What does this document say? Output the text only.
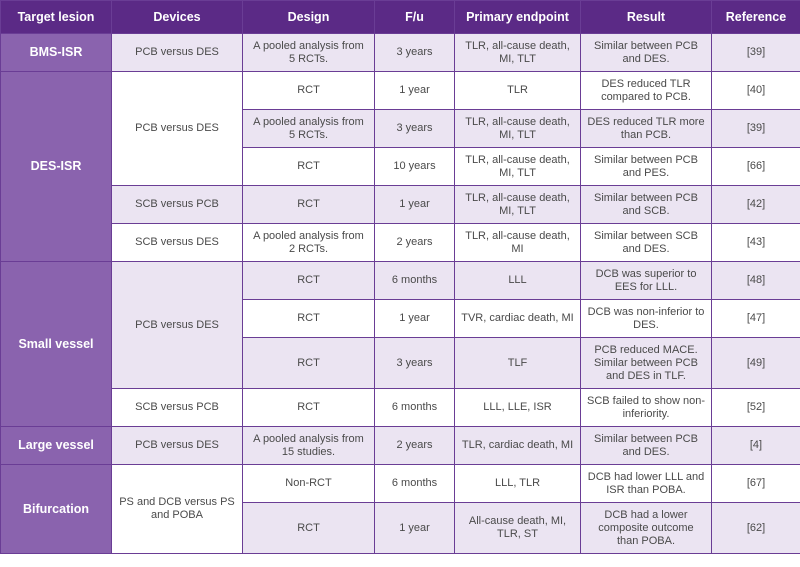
Target lesion	Devices	Design	F/u	Primary endpoint	Result	Reference
BMS-ISR	PCB versus DES	A pooled analysis from 5 RCTs.	3 years	TLR, all-cause death, MI, TLT	Similar between PCB and DES.	[39]
DES-ISR	PCB versus DES	RCT	1 year	TLR	DES reduced TLR compared to PCB.	[40]
		A pooled analysis from 5 RCTs.	3 years	TLR, all-cause death, MI, TLT	DES reduced TLR more than PCB.	[39]
		RCT	10 years	TLR, all-cause death, MI, TLT	Similar between PCB and PES.	[66]
	SCB versus PCB	RCT	1 year	TLR, all-cause death, MI, TLT	Similar between PCB and SCB.	[42]
	SCB versus DES	A pooled analysis from 2 RCTs.	2 years	TLR, all-cause death, MI	Similar between SCB and DES.	[43]
Small vessel	PCB versus DES	RCT	6 months	LLL	DCB was superior to EES for LLL.	[48]
		RCT	1 year	TVR, cardiac death, MI	DCB was non-inferior to DES.	[47]
		RCT	3 years	TLF	PCB reduced MACE. Similar between PCB and DES in TLF.	[49]
	SCB versus PCB	RCT	6 months	LLL, LLE, ISR	SCB failed to show non-inferiority.	[52]
Large vessel	PCB versus DES	A pooled analysis from 15 studies.	2 years	TLR, cardiac death, MI	Similar between PCB and DES.	[4]
Bifurcation	PS and DCB versus PS and POBA	Non-RCT	6 months	LLL, TLR	DCB had lower LLL and ISR than POBA.	[67]
		RCT	1 year	All-cause death, MI, TLR, ST	DCB had a lower composite outcome than POBA.	[62]
